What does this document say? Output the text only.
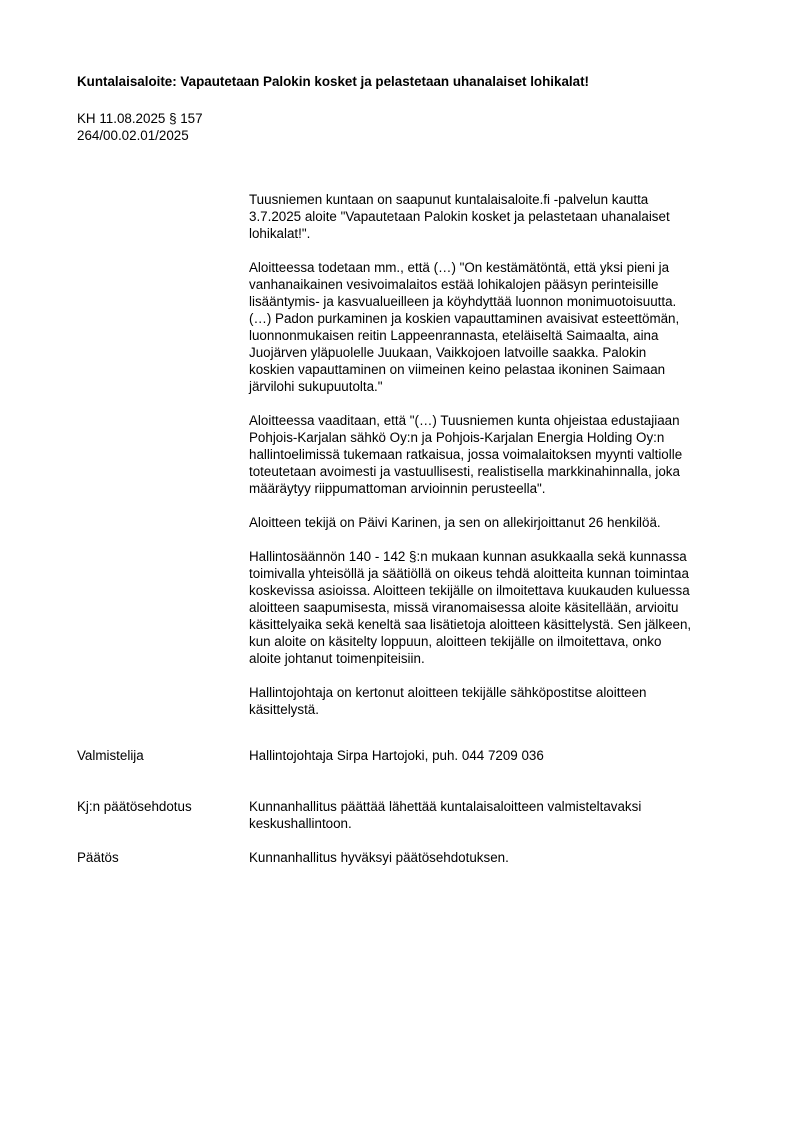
Kuntalaisaloite: Vapautetaan Palokin kosket ja pelastetaan uhanalaiset lohikalat!
KH 11.08.2025 § 157
264/00.02.01/2025
Tuusniemen kuntaan on saapunut kuntalaisaloite.fi -palvelun kautta
3.7.2025 aloite "Vapautetaan Palokin kosket ja pelastetaan uhanalaiset
lohikalat!".
Aloitteessa todetaan mm., että (…) "On kestämätöntä, että yksi pieni ja
vanhanaikainen vesivoimalaitos estää lohikalojen pääsyn perinteisille
lisääntymis- ja kasvualueilleen ja köyhdyttää luonnon monimuotoisuutta.
(…) Padon purkaminen ja koskien vapauttaminen avaisivat esteettömän,
luonnonmukaisen reitin Lappeenrannasta, eteläiseltä Saimaalta, aina
Juojärven yläpuolelle Juukaan, Vaikkojoen latvoille saakka. Palokin
koskien vapauttaminen on viimeinen keino pelastaa ikoninen Saimaan
järvilohi sukupuutolta."
Aloitteessa vaaditaan, että "(…) Tuusniemen kunta ohjeistaa edustajiaan
Pohjois-Karjalan sähkö Oy:n ja Pohjois-Karjalan Energia Holding Oy:n
hallintoelimissä tukemaan ratkaisua, jossa voimalaitoksen myynti valtiolle
toteutetaan avoimesti ja vastuullisesti, realistisella markkinahinnalla, joka
määräytyy riippumattoman arvioinnin perusteella".
Aloitteen tekijä on Päivi Karinen, ja sen on allekirjoittanut 26 henkilöä.
Hallintosäännön 140 - 142 §:n mukaan kunnan asukkaalla sekä kunnassa
toimivalla yhteisöllä ja säätiöllä on oikeus tehdä aloitteita kunnan toimintaa
koskevissa asioissa. Aloitteen tekijälle on ilmoitettava kuukauden kuluessa
aloitteen saapumisesta, missä viranomaisessa aloite käsitellään, arvioitu
käsittelyaika sekä keneltä saa lisätietoja aloitteen käsittelystä. Sen jälkeen,
kun aloite on käsitelty loppuun, aloitteen tekijälle on ilmoitettava, onko
aloite johtanut toimenpiteisiin.
Hallintojohtaja on kertonut aloitteen tekijälle sähköpostitse aloitteen
käsittelystä.
Valmistelija	Hallintojohtaja Sirpa Hartojoki, puh. 044 7209 036
Kj:n päätösehdotus	Kunnanhallitus päättää lähettää kuntalaisaloitteen valmisteltavaksi
keskushallintoon.
Päätös	Kunnanhallitus hyväksyi päätösehdotuksen.
